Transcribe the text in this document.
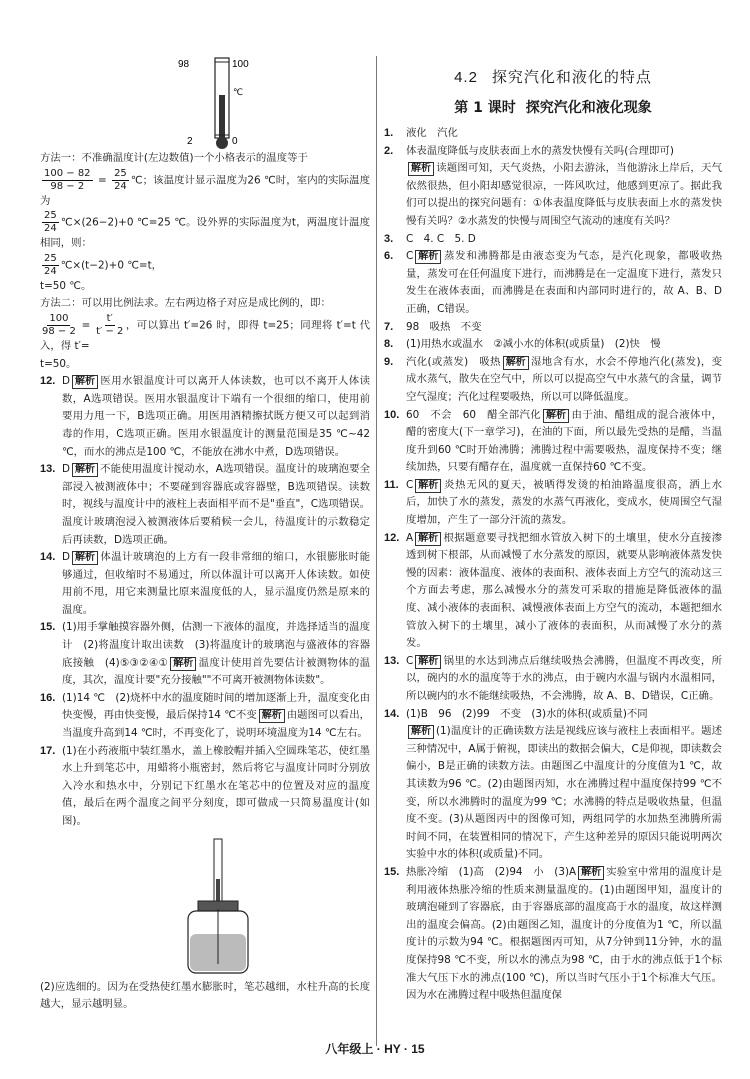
98	100
℃
2	0

方法一：不准确温度计(左边数值)一个小格表示的温度等于

$\frac{100 - 82}{98 - 2} = \frac{25}{24}$ ℃；该温度计显示温度为26 ℃时，室内的实际温度为

$\frac{25}{24}$ ℃×(26−2)+0 ℃=25 ℃。设外界的实际温度为t，两温度计温度相同，则：

$\frac{25}{24}$ ℃×(t−2)+0 ℃=t，
t=50 ℃。

方法二：可以用比例法求。左右两边格子对应是成比例的，即：

$\frac{100}{98 - 2} = \frac{t'}{t' - 2}$ ，可以算出 t′=26 时，即得 t=25；同理将 t′=t 代入，得 t′=
t=50。

12. D 解析 医用水银温度计可以离开人体读数，也可以不离开人体读数，A选项错误。医用水银温度计下端有一个很细的缩口，使用前要用力甩一下，B选项正确。用医用酒精擦拭既方便又可以起到消毒的作用，C选项正确。医用水银温度计的测量范围是35 ℃~42 ℃，而水的沸点是100 ℃，不能放在沸水中煮，D选项错误。

13. D 解析 不能使用温度计搅动水，A选项错误。温度计的玻璃泡要全部浸入被测液体中；不要碰到容器底或容器壁，B选项错误。读数时，视线与温度计中的液柱上表面相平而不是"垂直"，C选项错误。温度计玻璃泡浸入被测液体后要稍候一会儿，待温度计的示数稳定后再读数，D选项正确。

14. D 解析 体温计玻璃泡的上方有一段非常细的缩口，水银膨胀时能够通过，但收缩时不易通过，所以体温计可以离开人体读数。如使用前不甩，用它来测量比原来温度低的人，显示温度仍然是原来的温度。

15. (1)用手掌触摸容器外侧，估测一下液体的温度，并选择适当的温度计　(2)将温度计取出读数　(3)将温度计的玻璃泡与盛液体的容器底接触　(4)⑤③②④① 解析 温度计使用首先要估计被测物体的温度，其次，温度计要"充分接触""不可离开被测物体读数"。

16. (1)14 ℃　(2)烧杯中水的温度随时间的增加逐渐上升，温度变化由快变慢，再由快变慢，最后保持14 ℃不变 解析 由题图可以看出，当温度升高到14 ℃时，不再变化了，说明环境温度为14 ℃左右。

17. (1)在小药液瓶中装红墨水，盖上橡胶帽并插入空圆珠笔芯，使红墨水上升到笔芯中，用蜡将小瓶密封，然后将它与温度计同时分别放入冷水和热水中，分别记下红墨水在笔芯中的位置及对应的温度值，最后在两个温度之间平分刻度，即可做成一只简易温度计(如图)。

(2)应选细的。因为在受热使红墨水膨胀时，笔芯越细，水柱升高的长度越大，显示越明显。

4.2 探究汽化和液化的特点
第 1 课时 探究汽化和液化现象
1.	液化　汽化

2.	体表温度降低与皮肤表面上水的蒸发快慢有关吗(合理即可)
解析 读题图可知，天气炎热，小阳去游泳，当他游泳上岸后，天气依然很热，但小阳却感觉很凉，一阵风吹过，他感到更凉了。据此我们可以提出的探究问题有：①体表温度降低与皮肤表面上水的蒸发快慢有关吗？②水蒸发的快慢与周围空气流动的速度有关吗？

3.	C　4. C　5. D

6.	C 解析 蒸发和沸腾都是由液态变为气态，是汽化现象，都吸收热量，蒸发可在任何温度下进行，而沸腾是在一定温度下进行，蒸发只发生在液体表面，而沸腾是在表面和内部同时进行的，故 A、B、D正确，C错误。

7.	98　吸热　不变

8.	(1)用热水或温水　②减小水的体积(或质量)　(2)快　慢

9.	汽化(或蒸发)　吸热 解析 湿地含有水，水会不停地汽化(蒸发)，变成水蒸气，散失在空气中，所以可以提高空气中水蒸气的含量，调节空气湿度；汽化过程要吸热，所以可以降低温度。

10. 60　不会　60　醋全部汽化 解析 由于油、醋组成的混合液体中，醋的密度大(下一章学习)，在油的下面，所以最先受热的是醋，当温度升到60 ℃时开始沸腾；沸腾过程中需要吸热，温度保持不变；继续加热，只要有醋存在，温度就一直保持60 ℃不变。

11. C 解析 炎热无风的夏天，被晒得发烫的柏油路温度很高，洒上水后，加快了水的蒸发，蒸发的水蒸气再液化，变成水，使周围空气湿度增加，产生了一部分汗流的蒸发。

12. A 解析 根据题意要寻找把细水管放入树下的土壤里，使水分直接渗透到树下根部，从而减慢了水分蒸发的原因，就要从影响液体蒸发快慢的因素：液体温度、液体的表面积、液体表面上方空气的流动这三个方面去考虑，那么减慢水分的蒸发可采取的措施是降低液体的温度、减小液体的表面积、减慢液体表面上方空气的流动，本题把细水管放入树下的土壤里，减小了液体的表面积，从而减慢了水分的蒸发。

13. C 解析 锅里的水达到沸点后继续吸热会沸腾，但温度不再改变，所以，碗内的水的温度等于水的沸点，由于碗内水温与锅内水温相同，所以碗内的水不能继续吸热，不会沸腾，故 A、B、D错误，C正确。

14. (1)B　96　(2)99　不变　(3)水的体积(或质量)不同
解析 (1)温度计的正确读数方法是视线应该与液柱上表面相平。题述三种情况中，A属于俯视，即读出的数据会偏大，C是仰视，即读数会偏小，B是正确的读数方法。由题图乙中温度计的分度值为1 ℃，故其读数为96 ℃。(2)由题图丙知，水在沸腾过程中温度保持99 ℃不变，所以水沸腾时的温度为99 ℃；水沸腾的特点是吸收热量，但温度不变。(3)从题图丙中的图像可知，两组同学的水加热至沸腾所需时间不同，在装置相同的情况下，产生这种差异的原因只能说明两次实验中水的体积(或质量)不同。

15. 热胀冷缩　(1)高　(2)94　小　(3)A 解析 实验室中常用的温度计是利用液体热胀冷缩的性质来测量温度的。(1)由题图甲知，温度计的玻璃泡碰到了容器底，由于容器底部的温度高于水的温度，故这样测出的温度会偏高。(2)由题图乙知，温度计的分度值为1 ℃，所以温度计的示数为94 ℃。根据题图丙可知，从7分钟到11分钟，水的温度保持98 ℃不变，所以水的沸点为98 ℃，由于水的沸点低于1个标准大气压下水的沸点(100 ℃)，所以当时气压小于1个标准大气压。因为水在沸腾过程中吸热但温度保

八年级上 · HY · 15
